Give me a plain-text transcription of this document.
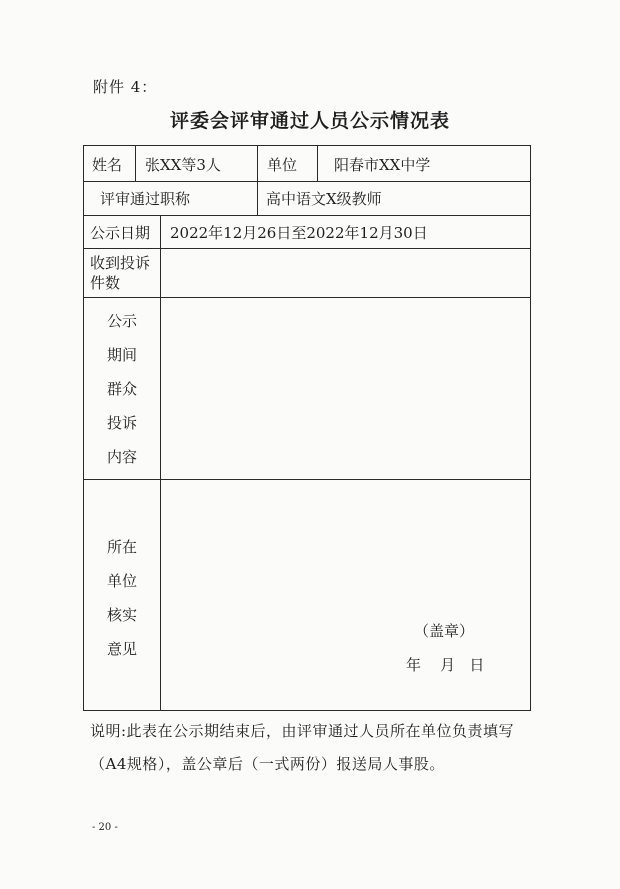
附件 4：
评委会评审通过人员公示情况表
姓名 张XX等3人	单位 阳春市XX中学
评审通过职称	高中语文X级教师
公示日期 2022年12月26日至2022年12月30日
收到投诉
件数
公示
期间
群众
投诉
内容
所在
单位
核实
意见
（盖章）
年    月   日
说明:此表在公示期结束后，由评审通过人员所在单位负责填写
（A4规格），盖公章后（一式两份）报送局人事股。
- 20 -
